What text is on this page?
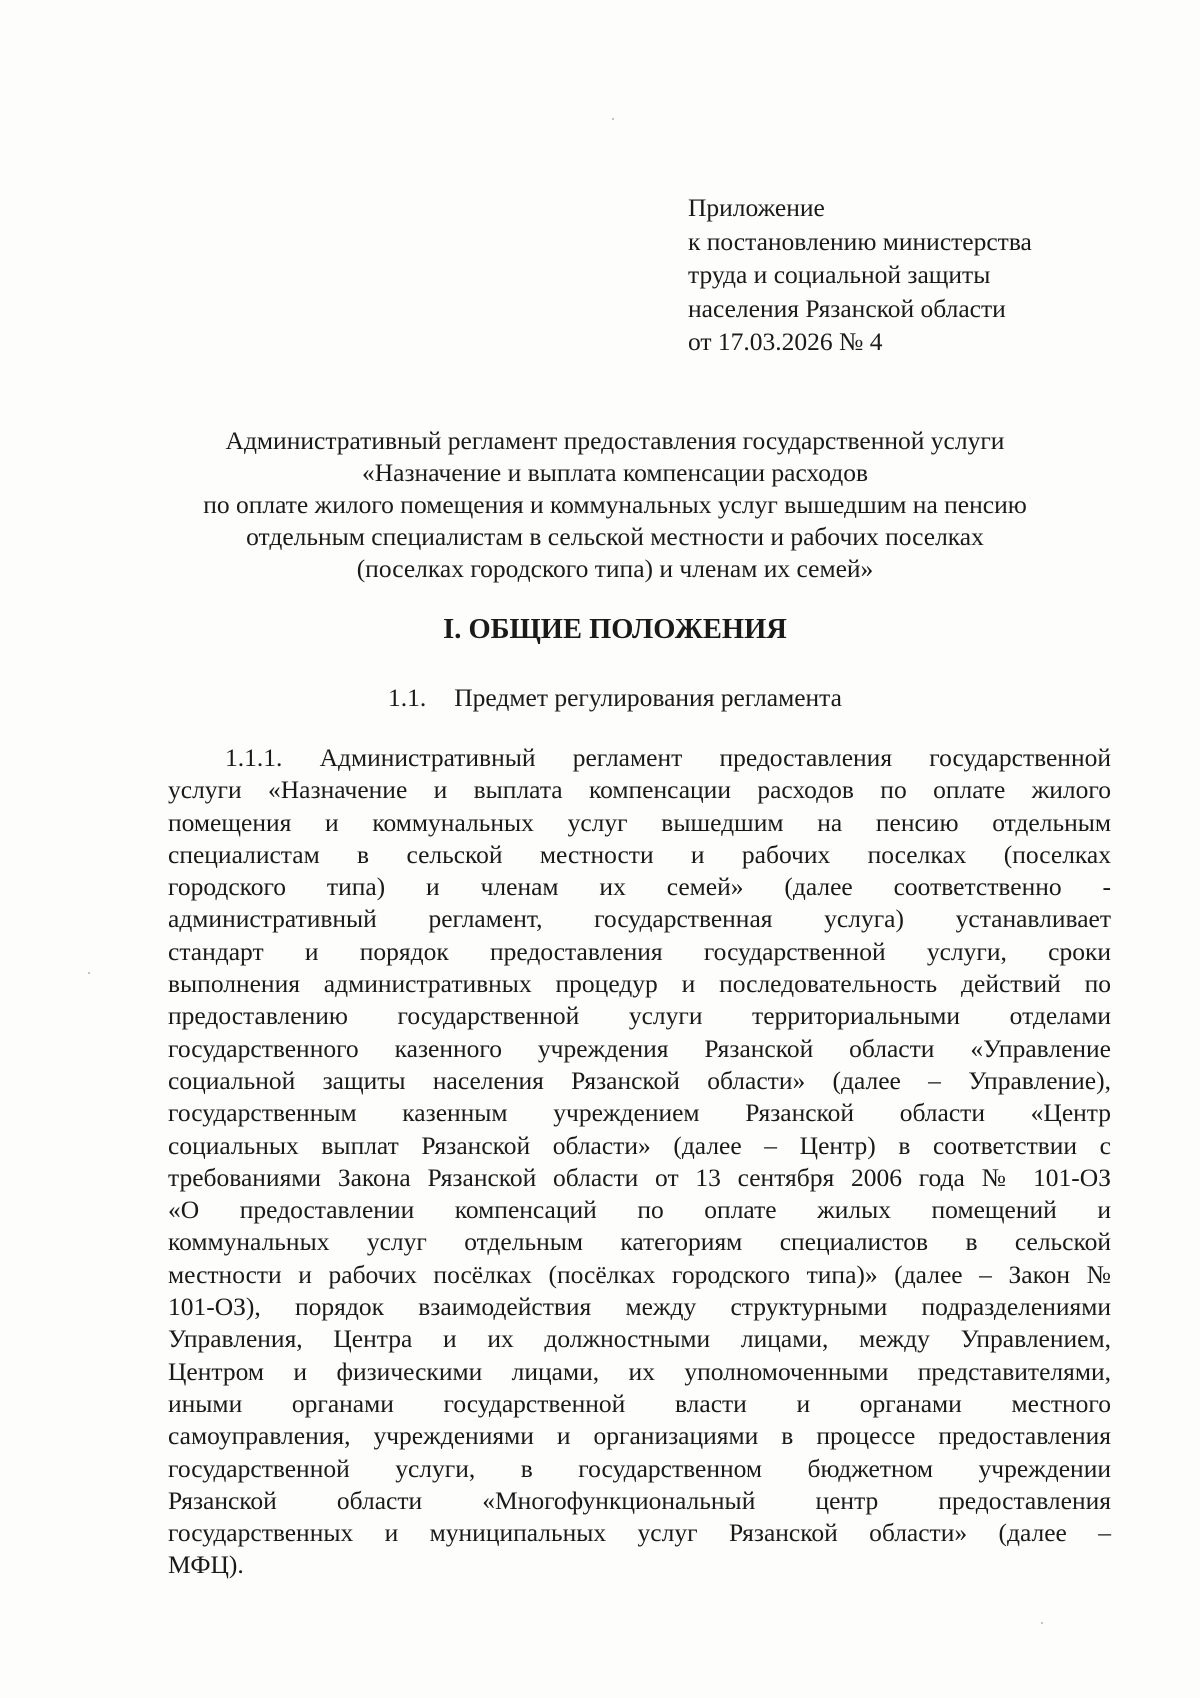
Приложение
к постановлению министерства
труда и социальной защиты
населения Рязанской области
от 17.03.2026 № 4
Административный регламент предоставления государственной услуги
«Назначение и выплата компенсации расходов
по оплате жилого помещения и коммунальных услуг вышедшим на пенсию
отдельным специалистам в сельской местности и рабочих поселках
(поселках городского типа) и членам их семей»
I. ОБЩИЕ ПОЛОЖЕНИЯ
1.1. Предмет регулирования регламента
1.1.1. Административный регламент предоставления государственной
услуги «Назначение и выплата компенсации расходов по оплате жилого
помещения и коммунальных услуг вышедшим на пенсию отдельным
специалистам в сельской местности и рабочих поселках (поселках
городского типа) и членам их семей» (далее соответственно -
административный регламент, государственная услуга) устанавливает
стандарт и порядок предоставления государственной услуги, сроки
выполнения административных процедур и последовательность действий по
предоставлению государственной услуги территориальными отделами
государственного казенного учреждения Рязанской области «Управление
социальной защиты населения Рязанской области» (далее – Управление),
государственным казенным учреждением Рязанской области «Центр
социальных выплат Рязанской области» (далее – Центр) в соответствии с
требованиями Закона Рязанской области от 13 сентября 2006 года № 101-ОЗ
«О предоставлении компенсаций по оплате жилых помещений и
коммунальных услуг отдельным категориям специалистов в сельской
местности и рабочих посёлках (посёлках городского типа)» (далее – Закон №
101-ОЗ), порядок взаимодействия между структурными подразделениями
Управления, Центра и их должностными лицами, между Управлением,
Центром и физическими лицами, их уполномоченными представителями,
иными органами государственной власти и органами местного
самоуправления, учреждениями и организациями в процессе предоставления
государственной услуги, в государственном бюджетном учреждении
Рязанской области «Многофункциональный центр предоставления
государственных и муниципальных услуг Рязанской области» (далее –
МФЦ).
